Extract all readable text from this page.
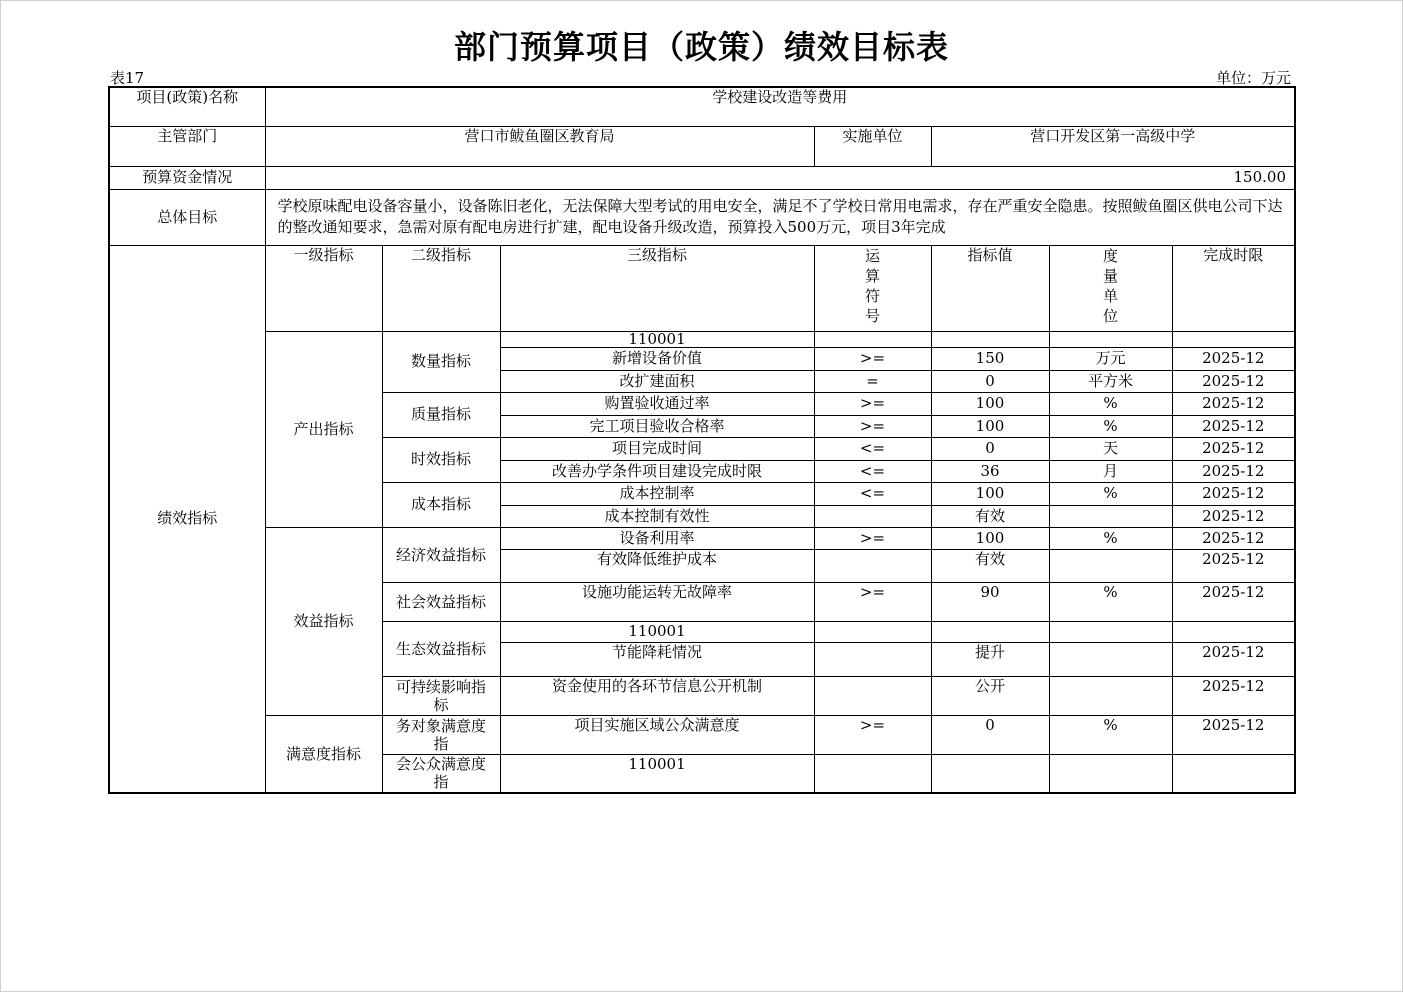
部门预算项目（政策）绩效目标表
表17	单位：万元
项目(政策)名称	学校建设改造等费用						
主管部门	营口市鲅鱼圈区教育局			实施单位	营口开发区第一高级中学		
预算资金情况	150.00						
总体目标	学校原味配电设备容量小，设备陈旧老化，无法保障大型考试的用电安全，满足不了学校日常用电需求，存在严重安全隐患。按照鲅鱼圈区供电公司下达的整改通知要求，急需对原有配电房进行扩建，配电设备升级改造，预算投入500万元，项目3年完成						
绩效指标	一级指标	二级指标	三级指标	运算符号	指标值	度量单位	完成时限
	产出指标	数量指标	110001				
			新增设备价值	>=	150	万元	2025-12
			改扩建面积	=	0	平方米	2025-12
		质量指标	购置验收通过率	>=	100	%	2025-12
			完工项目验收合格率	>=	100	%	2025-12
		时效指标	项目完成时间	<=	0	天	2025-12
			改善办学条件项目建设完成时限	<=	36	月	2025-12
		成本指标	成本控制率	<=	100	%	2025-12
			成本控制有效性		有效		2025-12
	效益指标	经济效益指标	设备利用率	>=	100	%	2025-12
			有效降低维护成本		有效		2025-12

		社会效益指标	设施功能运转无故障率	>=	90	%	2025-12

		生态效益指标	110001				
			节能降耗情况		提升		2025-12

		可持续影响指标	资金使用的各环节信息公开机制		公开		2025-12

	满意度指标	务对象满意度指	项目实施区域公众满意度	>=	0	%	2025-12

		会公众满意度指	110001				
